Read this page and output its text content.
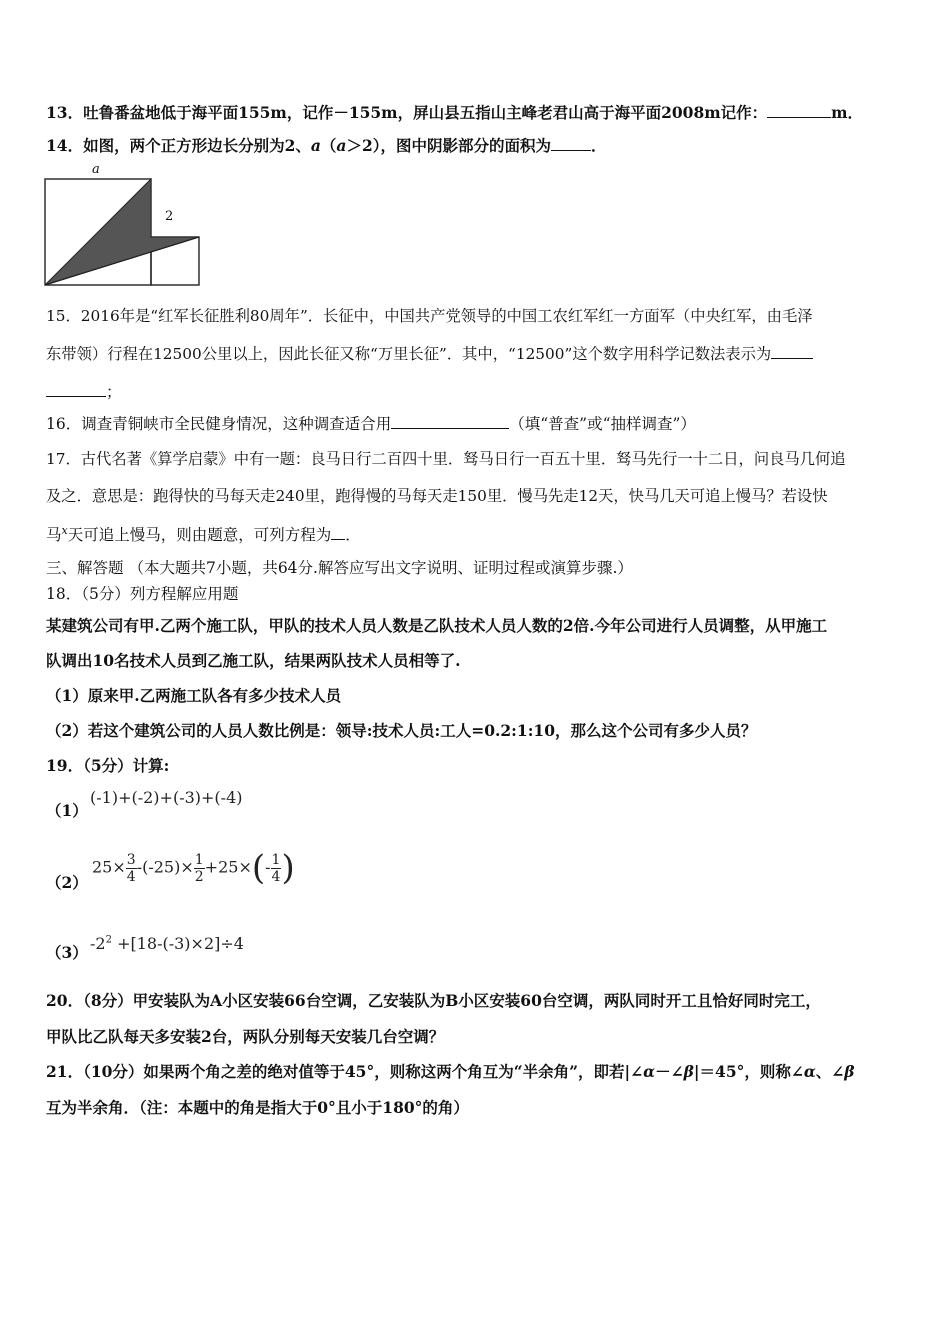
13．吐鲁番盆地低于海平面155m，记作－155m，屏山县五指山主峰老君山高于海平面2008m记作：	m．
14．如图，两个正方形边长分别为2、a（a＞2），图中阴影部分的面积为	．
a
2
15．2016年是“红军长征胜利80周年”．长征中，中国共产党领导的中国工农红军红一方面军（中央红军，由毛泽
东带领）行程在12500公里以上，因此长征又称“万里长征”．其中，“12500”这个数字用科学记数法表示为
；
16．调查青铜峡市全民健身情况，这种调查适合用	（填“普查”或“抽样调查”）
17．古代名著《算学启蒙》中有一题：良马日行二百四十里．驽马日行一百五十里．驽马先行一十二日，问良马几何追
及之．意思是：跑得快的马每天走240里，跑得慢的马每天走150里．慢马先走12天，快马几天可追上慢马？若设快
马$^x$天可追上慢马，则由题意，可列方程为 ．
三、解答题 （本大题共7小题，共64分.解答应写出文字说明、证明过程或演算步骤.）
18．（5分）列方程解应用题
某建筑公司有甲.乙两个施工队，甲队的技术人员人数是乙队技术人员人数的2倍.今年公司进行人员调整，从甲施工
队调出10名技术人员到乙施工队，结果两队技术人员相等了.
（1）原来甲.乙两施工队各有多少技术人员
（2）若这个建筑公司的人员人数比例是：领导:技术人员:工人=0.2:1:10，那么这个公司有多少人员？
19．（5分）计算:
（1）
(-1)+(-2)+(-3)+(-4)
（2）
$25\times \frac{3}{4} -(-25)\times \frac{1}{2} +25\times(- \frac{1}{4}$ )
（3） $-2^2 +[18-(-3)\times 2]\div 4$
20．（8分）甲安装队为A小区安装66台空调，乙安装队为B小区安装60台空调，两队同时开工且恰好同时完工，
甲队比乙队每天多安装2台，两队分别每天安装几台空调？
21．（10分）如果两个角之差的绝对值等于45°，则称这两个角互为“半余角”，即若|∠α－∠β|＝45°，则称∠α、∠β
互为半余角．（注：本题中的角是指大于0°且小于180°的角）
